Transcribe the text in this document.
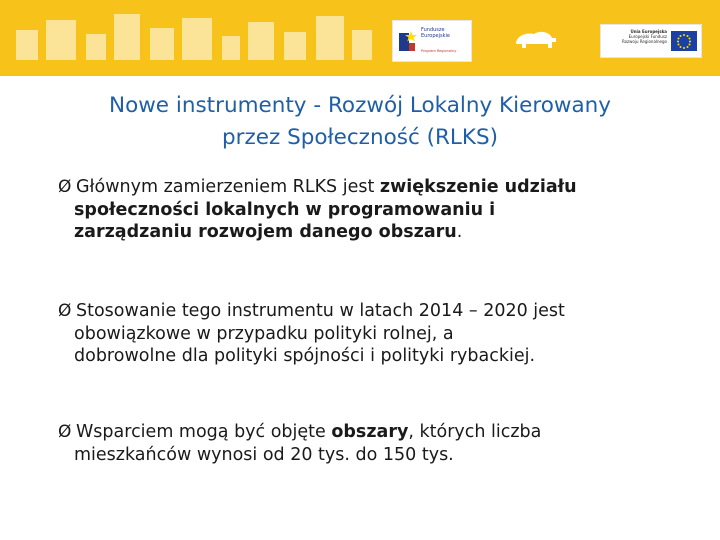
Fundusze
Europejskie
Program Regionalny
Unia Europejska
Europejski Fundusz
Rozwoju Regionalnego
Nowe instrumenty - Rozwój Lokalny Kierowany
przez Społeczność (RLKS)
Ø Głównym zamierzeniem RLKS jest zwiększenie udziału
społeczności lokalnych w programowaniu i
zarządzaniu rozwojem danego obszaru.
Ø Stosowanie tego instrumentu w latach 2014 – 2020 jest
obowiązkowe w przypadku polityki rolnej, a
dobrowolne dla polityki spójności i polityki rybackiej.
Ø Wsparciem mogą być objęte obszary, których liczba
mieszkańców wynosi od 20 tys. do 150 tys.
